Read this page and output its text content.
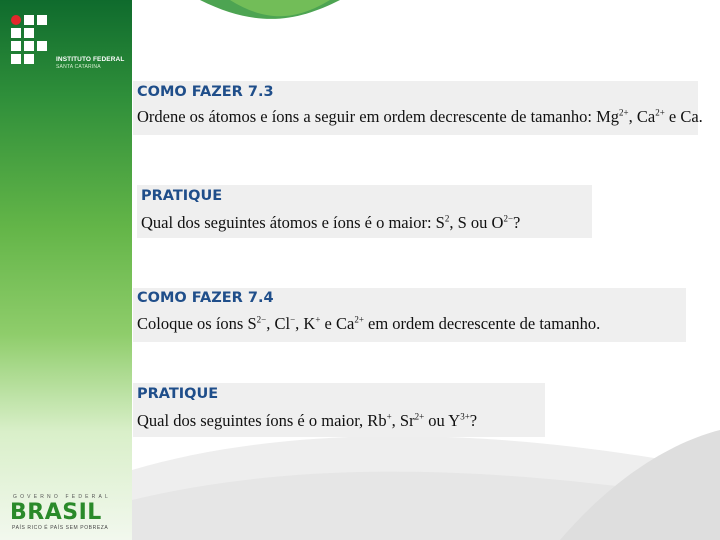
INSTITUTO FEDERAL
SANTA CATARINA
GOVERNO FEDERAL
BRASIL
PAÍS RICO É PAÍS SEM POBREZA
COMO FAZER 7.3
Ordene os átomos e íons a seguir em ordem decrescente de tamanho: $Mg^{2+}$, $Ca^{2+}$ e Ca.
PRATIQUE
Qual dos seguintes átomos e íons é o maior: $S^2$, S ou $O^{2-}$?
COMO FAZER 7.4
Coloque os íons $S^{2-}$, Cl−, K+ e $Ca^{2+}$ em ordem decrescente de tamanho.
PRATIQUE
Qual dos seguintes íons é o maior, Rb+, $Sr^{2+}$ ou $Y^{3+}$?
